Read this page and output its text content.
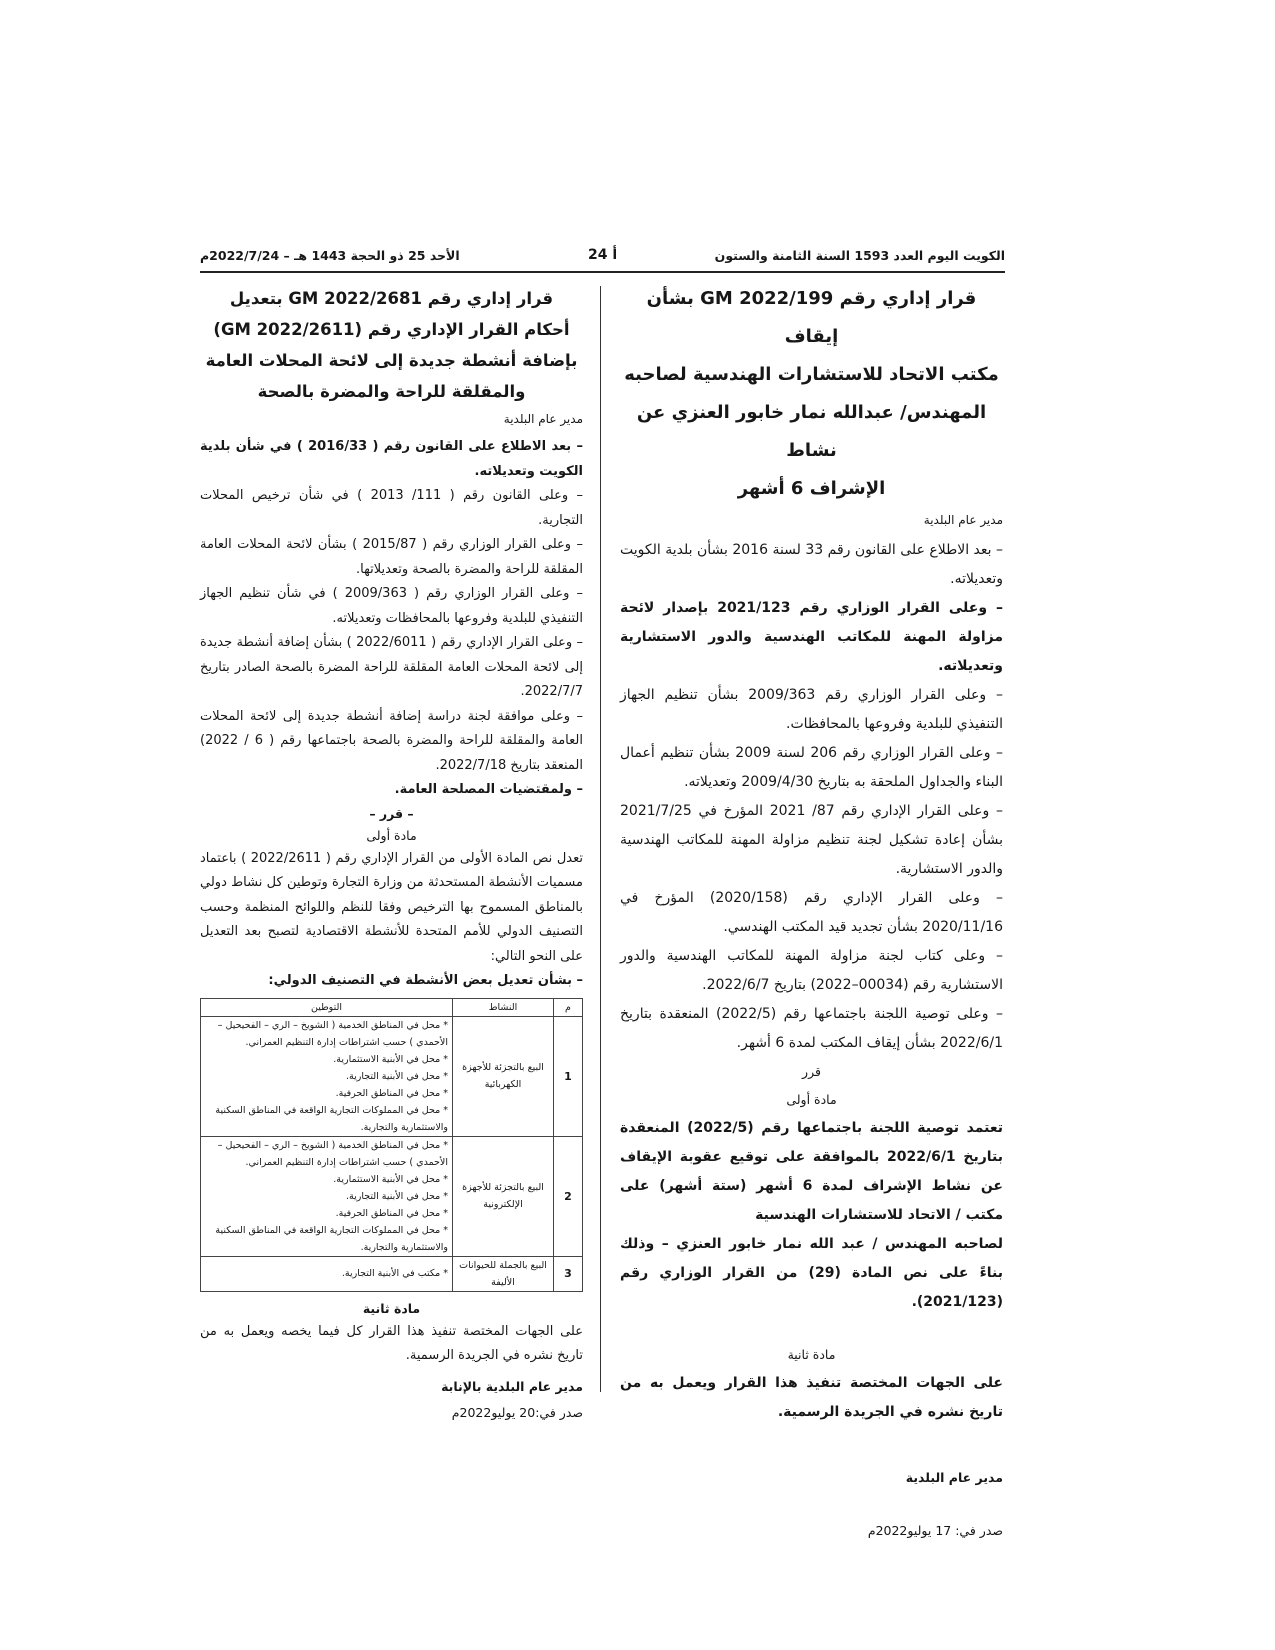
الكويت اليوم العدد 1593 السنة الثامنة والستون
أ 24
الأحد 25 ذو الحجة 1443 هـ – 2022/7/24م
قرار إداري رقم GM 2022/199 بشأن إيقاف
مكتب الاتحاد للاستشارات الهندسية لصاحبه
المهندس/ عبدالله نمار خابور العنزي عن نشاط
الإشراف 6 أشهر
مدير عام البلدية

– بعد الاطلاع على القانون رقم 33 لسنة 2016 بشأن بلدية الكويت وتعديلاته.

– وعلى القرار الوزاري رقم 2021/123 بإصدار لائحة مزاولة المهنة للمكاتب الهندسية والدور الاستشارية وتعديلاته.

– وعلى القرار الوزاري رقم 2009/363 بشأن تنظيم الجهاز التنفيذي للبلدية وفروعها بالمحافظات.

– وعلى القرار الوزاري رقم 206 لسنة 2009 بشأن تنظيم أعمال البناء والجداول الملحقة به بتاريخ 2009/4/30 وتعديلاته.

– وعلى القرار الإداري رقم 87/ 2021 المؤرخ في 2021/7/25 بشأن إعادة تشكيل لجنة تنظيم مزاولة المهنة للمكاتب الهندسية والدور الاستشارية.

– وعلى القرار الإداري رقم (2020/158) المؤرخ في 2020/11/16 بشأن تجديد قيد المكتب الهندسي.

– وعلى كتاب لجنة مزاولة المهنة للمكاتب الهندسية والدور الاستشارية رقم (00034–2022) بتاريخ 2022/6/7.

– وعلى توصية اللجنة باجتماعها رقم (2022/5) المنعقدة بتاريخ 2022/6/1 بشأن إيقاف المكتب لمدة 6 أشهر.

قرر
مادة أولى

تعتمد توصية اللجنة باجتماعها رقم (2022/5) المنعقدة بتاريخ 2022/6/1 بالموافقة على توقيع عقوبة الإيقاف عن نشاط الإشراف لمدة 6 أشهر (ستة أشهر) على مكتب / الاتحاد للاستشارات الهندسية

لصاحبه المهندس / عبد الله نمار خابور العنزي – وذلك بناءً على نص المادة (29) من القرار الوزاري رقم (2021/123).

مادة ثانية

على الجهات المختصة تنفيذ هذا القرار ويعمل به من تاريخ نشره في الجريدة الرسمية.

مدير عام البلدية
صدر في: 17 يوليو2022م
قرار إداري رقم GM 2022/2681 بتعديل
أحكام القرار الإداري رقم (GM 2022/2611)
بإضافة أنشطة جديدة إلى لائحة المحلات العامة
والمقلقة للراحة والمضرة بالصحة
مدير عام البلدية

– بعد الاطلاع على القانون رقم ( 2016/33 ) في شأن بلدية الكويت وتعديلاته.

– وعلى القانون رقم ( 111/ 2013 ) في شأن ترخيص المحلات التجارية.

– وعلى القرار الوزاري رقم ( 2015/87 ) بشأن لائحة المحلات العامة المقلقة للراحة والمضرة بالصحة وتعديلاتها.

– وعلى القرار الوزاري رقم ( 2009/363 ) في شأن تنظيم الجهاز التنفيذي للبلدية وفروعها بالمحافظات وتعديلاته.

– وعلى القرار الإداري رقم ( 2022/6011 ) بشأن إضافة أنشطة جديدة إلى لائحة المحلات العامة المقلقة للراحة المضرة بالصحة الصادر بتاريخ 2022/7/7.

– وعلى موافقة لجنة دراسة إضافة أنشطة جديدة إلى لائحة المحلات العامة والمقلقة للراحة والمضرة بالصحة باجتماعها رقم ( 6 / 2022) المنعقد بتاريخ 2022/7/18.

– ولمقتضيات المصلحة العامة.

– قرر –
مادة أولى

تعدل نص المادة الأولى من القرار الإداري رقم ( 2022/2611 ) باعتماد مسميات الأنشطة المستحدثة من وزارة التجارة وتوطين كل نشاط دولي بالمناطق المسموح بها الترخيص وفقا للنظم واللوائح المنظمة وحسب التصنيف الدولي للأمم المتحدة للأنشطة الاقتصادية لتصبح بعد التعديل على النحو التالي:

– بشأن تعديل بعض الأنشطة في التصنيف الدولي:
م	النشاط	التوطين
1	البيع بالتجزئة للأجهزة الكهربائية	* محل في المناطق الخدمية ( الشويخ – الري – الفحيحيل – الأحمدي ) حسب اشتراطات إدارة التنظيم العمراني.
* محل في الأبنية الاستثمارية.
* محل في الأبنية التجارية.
* محل في المناطق الحرفية.
* محل في المملوكات التجارية الواقعة في المناطق السكنية والاستثمارية والتجارية.

2	البيع بالتجزئة للأجهزة الإلكترونية	* محل في المناطق الخدمية ( الشويخ – الري – الفحيحيل – الأحمدي ) حسب اشتراطات إدارة التنظيم العمراني.
* محل في الأبنية الاستثمارية.
* محل في الأبنية التجارية.
* محل في المناطق الحرفية.
* محل في المملوكات التجارية الواقعة في المناطق السكنية والاستثمارية والتجارية.

3	البيع بالجملة للحيوانات الأليفة	* مكتب في الأبنية التجارية.
مادة ثانية

على الجهات المختصة تنفيذ هذا القرار كل فيما يخصه ويعمل به من تاريخ نشره في الجريدة الرسمية.

مدير عام البلدية بالإنابة
صدر في:20 يوليو2022م
